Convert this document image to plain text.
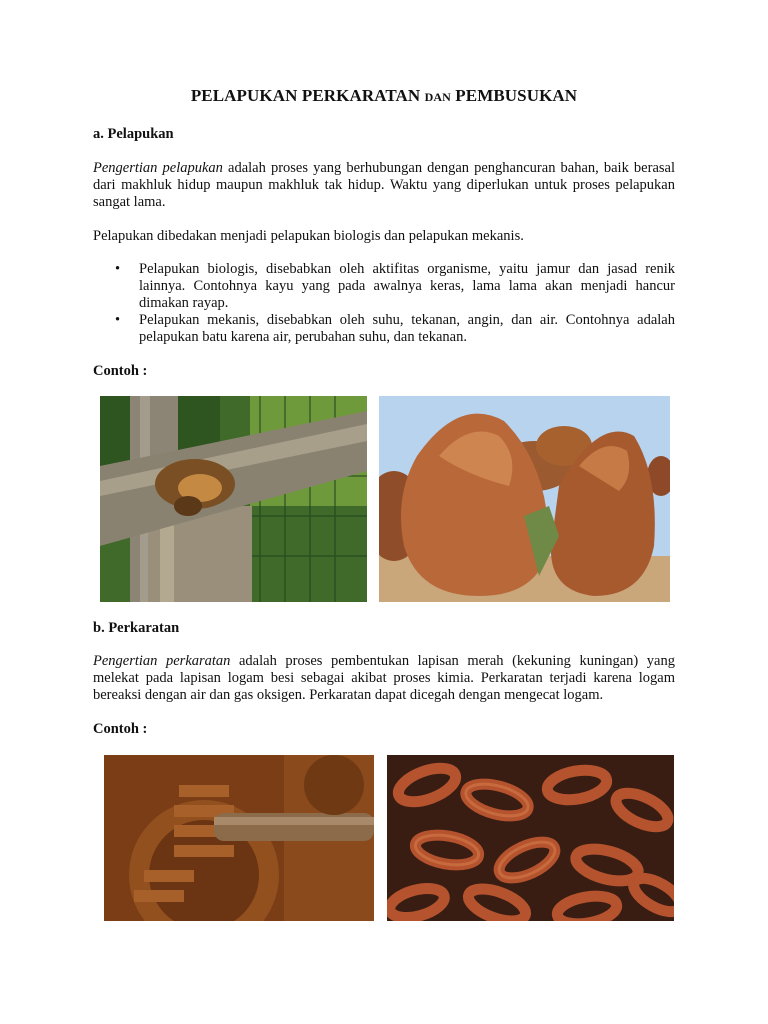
PELAPUKAN PERKARATAN DAN PEMBUSUKAN
a. Pelapukan

Pengertian pelapukan adalah proses yang berhubungan dengan penghancuran bahan, baik berasal dari makhluk hidup maupun makhluk tak hidup. Waktu yang diperlukan untuk proses pelapukan sangat lama.

Pelapukan dibedakan menjadi pelapukan biologis dan pelapukan mekanis.

• Pelapukan biologis, disebabkan oleh aktifitas organisme, yaitu jamur dan jasad renik lainnya. Contohnya kayu yang pada awalnya keras, lama lama akan menjadi hancur dimakan rayap.
• Pelapukan mekanis, disebabkan oleh suhu, tekanan, angin, dan air. Contohnya adalah pelapukan batu karena air, perubahan suhu, dan tekanan.
Contoh :
b. Perkaratan

Pengertian perkaratan adalah proses pembentukan lapisan merah (kekuning kuningan) yang melekat pada lapisan logam besi sebagai akibat proses kimia. Perkaratan terjadi karena logam bereaksi dengan air dan gas oksigen. Perkaratan dapat dicegah dengan mengecat logam.

Contoh :
